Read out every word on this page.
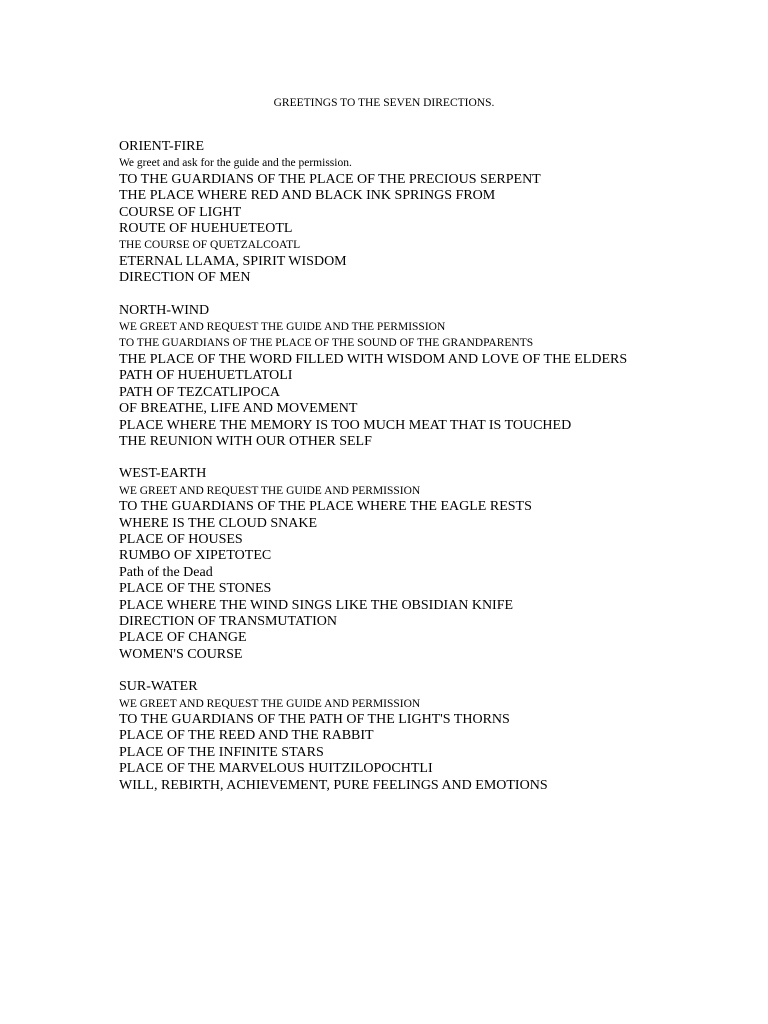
GREETINGS TO THE SEVEN DIRECTIONS.
ORIENT-FIRE
We greet and ask for the guide and the permission.
TO THE GUARDIANS OF THE PLACE OF THE PRECIOUS SERPENT
THE PLACE WHERE RED AND BLACK INK SPRINGS FROM
COURSE OF LIGHT
ROUTE OF HUEHUETEOTL
THE COURSE OF QUETZALCOATL
ETERNAL LLAMA, SPIRIT WISDOM
DIRECTION OF MEN
NORTH-WIND
WE GREET AND REQUEST THE GUIDE AND THE PERMISSION
TO THE GUARDIANS OF THE PLACE OF THE SOUND OF THE GRANDPARENTS
THE PLACE OF THE WORD FILLED WITH WISDOM AND LOVE OF THE ELDERS
PATH OF HUEHUETLATOLI
PATH OF TEZCATLIPOCA
OF BREATHE, LIFE AND MOVEMENT
PLACE WHERE THE MEMORY IS TOO MUCH MEAT THAT IS TOUCHED
THE REUNION WITH OUR OTHER SELF
WEST-EARTH
WE GREET AND REQUEST THE GUIDE AND PERMISSION
TO THE GUARDIANS OF THE PLACE WHERE THE EAGLE RESTS
WHERE IS THE CLOUD SNAKE
PLACE OF HOUSES
RUMBO OF XIPETOTEC
Path of the Dead
PLACE OF THE STONES
PLACE WHERE THE WIND SINGS LIKE THE OBSIDIAN KNIFE
DIRECTION OF TRANSMUTATION
PLACE OF CHANGE
WOMEN'S COURSE
SUR-WATER
WE GREET AND REQUEST THE GUIDE AND PERMISSION
TO THE GUARDIANS OF THE PATH OF THE LIGHT'S THORNS
PLACE OF THE REED AND THE RABBIT
PLACE OF THE INFINITE STARS
PLACE OF THE MARVELOUS HUITZILOPOCHTLI
WILL, REBIRTH, ACHIEVEMENT, PURE FEELINGS AND EMOTIONS
